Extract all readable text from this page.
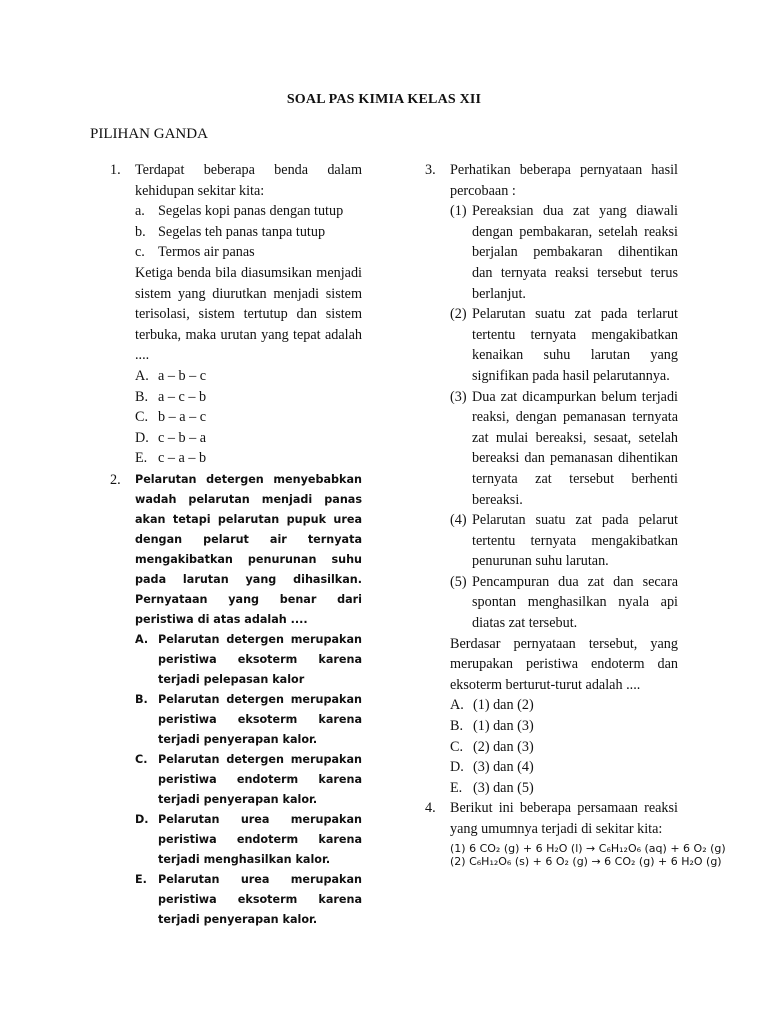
SOAL PAS KIMIA KELAS XII
PILIHAN GANDA
1. Terdapat beberapa benda dalam kehidupan sekitar kita:
a. Segelas kopi panas dengan tutup
b. Segelas teh panas tanpa tutup
c. Termos air panas
Ketiga benda bila diasumsikan menjadi sistem yang diurutkan menjadi sistem terisolasi, sistem tertutup dan sistem terbuka, maka urutan yang tepat adalah ....
A. a – b – c
B. a – c – b
C. b – a – c
D. c – b – a
E. c – a – b
2. Pelarutan detergen menyebabkan wadah pelarutan menjadi panas akan tetapi pelarutan pupuk urea dengan pelarut air ternyata mengakibatkan penurunan suhu pada larutan yang dihasilkan. Pernyataan yang benar dari peristiwa di atas adalah ....
A. Pelarutan detergen merupakan peristiwa eksoterm karena terjadi pelepasan kalor
B. Pelarutan detergen merupakan peristiwa eksoterm karena terjadi penyerapan kalor.
C. Pelarutan detergen merupakan peristiwa endoterm karena terjadi penyerapan kalor.
D. Pelarutan urea merupakan peristiwa endoterm karena terjadi menghasilkan kalor.
E. Pelarutan urea merupakan peristiwa eksoterm karena terjadi penyerapan kalor.
3. Perhatikan beberapa pernyataan hasil percobaan :
(1) Pereaksian dua zat yang diawali dengan pembakaran, setelah reaksi berjalan pembakaran dihentikan dan ternyata reaksi tersebut terus berlanjut.
(2) Pelarutan suatu zat pada terlarut tertentu ternyata mengakibatkan kenaikan suhu larutan yang signifikan pada hasil pelarutannya.
(3) Dua zat dicampurkan belum terjadi reaksi, dengan pemanasan ternyata zat mulai bereaksi, sesaat, setelah bereaksi dan pemanasan dihentikan ternyata zat tersebut berhenti bereaksi.
(4) Pelarutan suatu zat pada pelarut tertentu ternyata mengakibatkan penurunan suhu larutan.
(5) Pencampuran dua zat dan secara spontan menghasilkan nyala api diatas zat tersebut.
Berdasar pernyataan tersebut, yang merupakan peristiwa endoterm dan eksoterm berturut-turut adalah ....
A. (1) dan (2)
B. (1) dan (3)
C. (2) dan (3)
D. (3) dan (4)
E. (3) dan (5)
4. Berikut ini beberapa persamaan reaksi yang umumnya terjadi di sekitar kita:
(1) 6 CO₂ (g) + 6 H₂O (l) → C₆H₁₂O₆ (aq) + 6 O₂ (g)
(2) C₆H₁₂O₆ (s) + 6 O₂ (g) → 6 CO₂ (g) + 6 H₂O (g)
